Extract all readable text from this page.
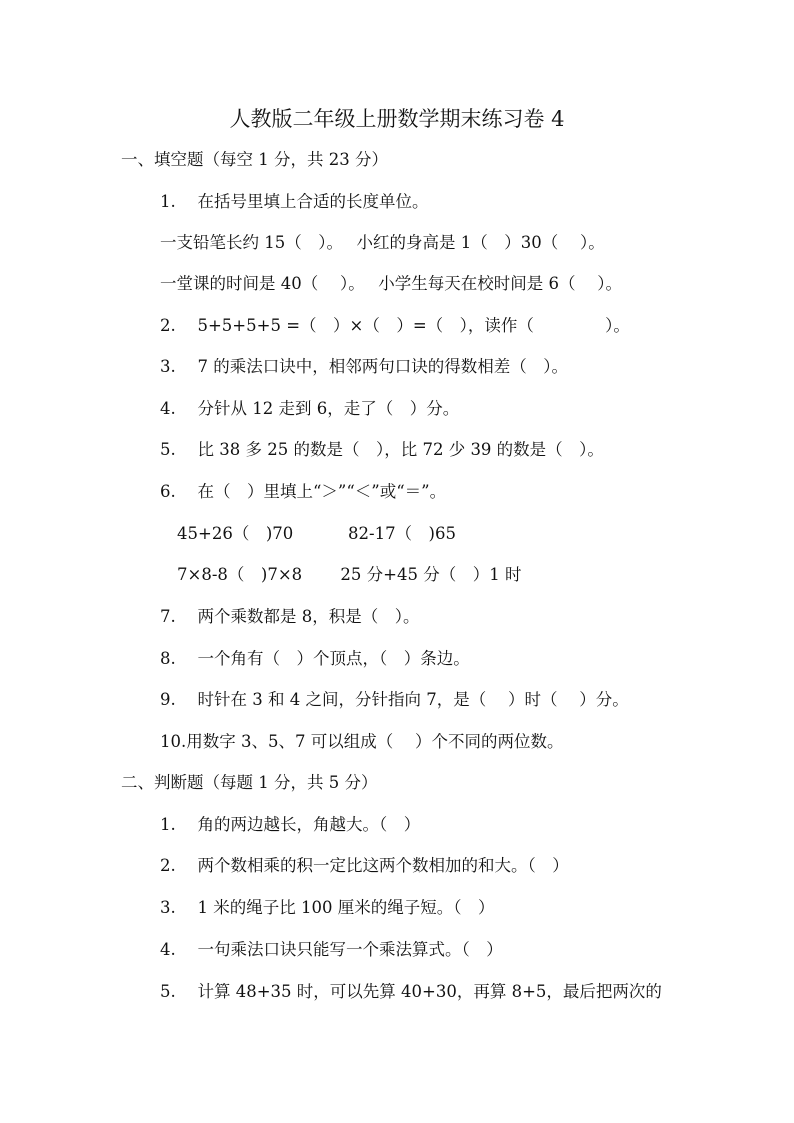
人教版二年级上册数学期末练习卷 4
一、填空题（每空 1 分，共 23 分）
1.　 在括号里填上合适的长度单位。
一支铅笔长约 15（　）。　 小红的身高是 1（　）30（　 ）。
一堂课的时间是 40（　 ）。　 小学生每天在校时间是 6（　 ）。
2.　 5+5+5+5 =（　）×（　）=（　），读作（　　　　 ）。
3.　 7 的乘法口诀中，相邻两句口诀的得数相差（　）。
4.　 分针从 12 走到 6，走了（　）分。
5.　 比 38 多 25 的数是（　），比 72 少 39 的数是（　）。
6.　 在（　）里填上“＞”“＜”或“＝”。
45+26（　)70　　　 82-17（　)65
7×8-8（　)7×8　　 25 分+45 分（　）1 时
7.　 两个乘数都是 8，积是（　）。
8.　 一个角有（　）个顶点，（　）条边。
9.　 时针在 3 和 4 之间，分针指向 7，是（　 ）时（　 ）分。
10.用数字 3、5、7 可以组成（　 ）个不同的两位数。
二、判断题（每题 1 分，共 5 分）
1.　 角的两边越长，角越大。（　）
2.　 两个数相乘的积一定比这两个数相加的和大。（　）
3.　 1 米的绳子比 100 厘米的绳子短。（　）
4.　 一句乘法口诀只能写一个乘法算式。（　）
5.　 计算 48+35 时，可以先算 40+30，再算 8+5，最后把两次的
